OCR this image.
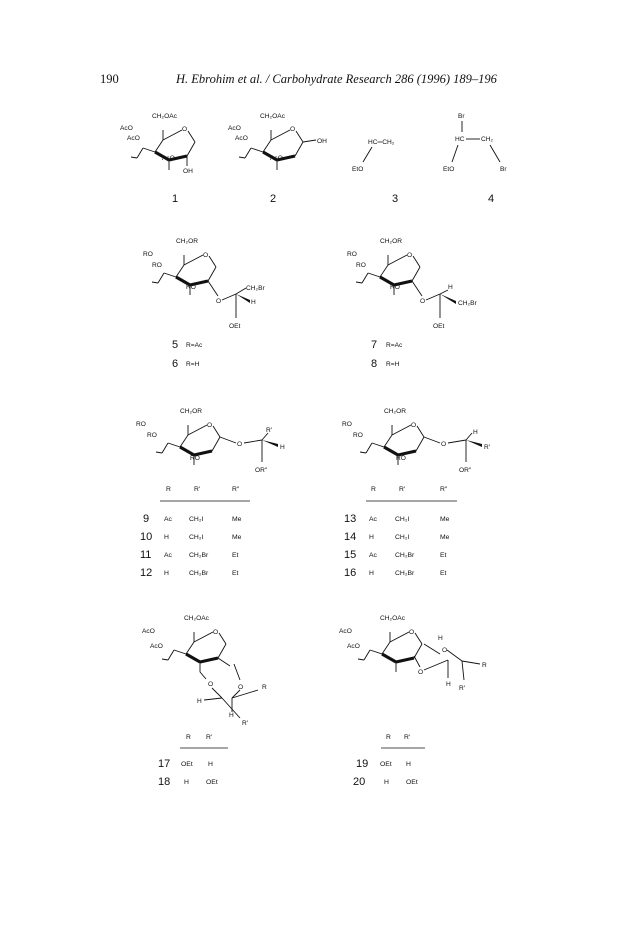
190	H. Ebrohim et al. / Carbohydrate Research 286 (1996) 189–196
CH₂OAc
O
AcO
AcO
AcO
OH
1
CH₂OAc
O
AcO
AcO
AcO
OH
2
HC═CH₂
EtO
3
Br
HC CH₂
EtO	Br
4
CH₂OR
O
RO
RO
RO
O
CH₂Br
H
OEt
5 R=Ac
6 R=H
CH₂OR
O
RO
RO
RO
O
H
CH₂Br
OEt
7 R=Ac
8 R=H
CH₂OR
O
RO
RO
RO
O
R′
H
OR″
R	R′	R″
9 Ac	CH₂I	Me
10 H	CH₂I	Me
11 Ac	CH₂Br	Et
12 H	CH₂Br	Et
CH₂OR
O
RO
RO
RO
O
H
R′
OR″
R	R′	R″
13 Ac	CH₂I	Me
14 H	CH₂I	Me
15 Ac	CH₂Br	Et
16 H	CH₂Br	Et
CH₂OAc
O
AcO
AcO
O	O	R
H
H
R′
R R′
17 OEt H
18 H	OEt
CH₂OAc
O
AcO
AcO
H
O
O
R
H
R′
R R′
19 OEt H
20	H	OEt
